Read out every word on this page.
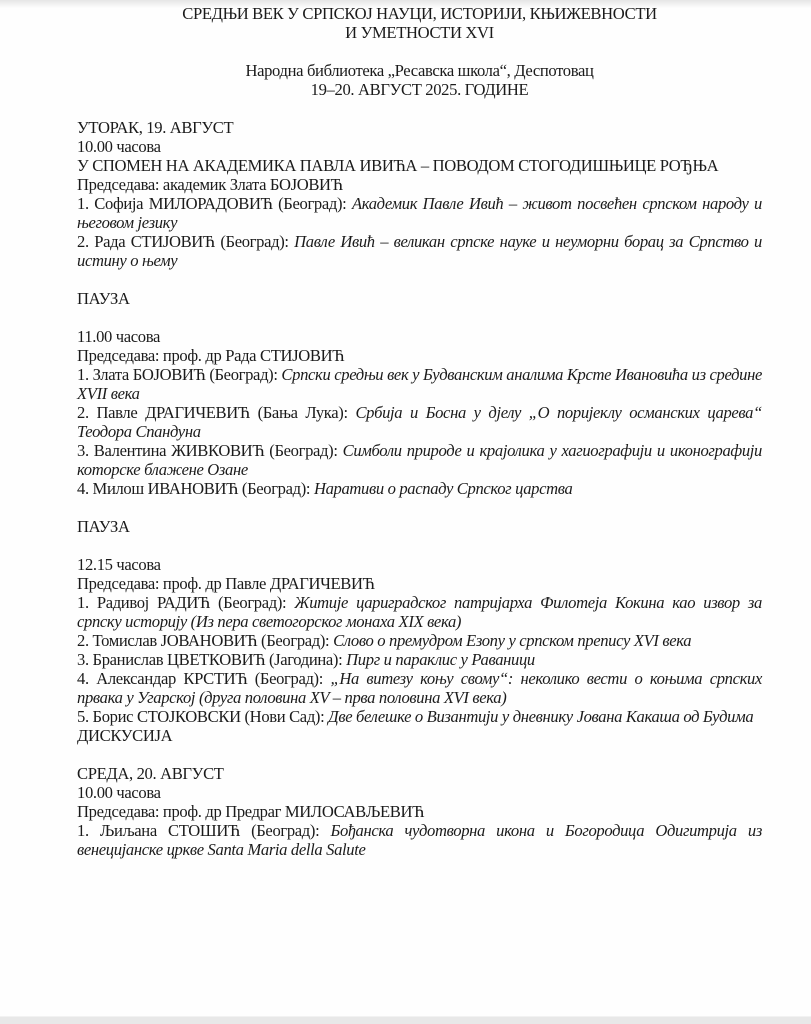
СРЕДЊИ ВЕК У СРПСКОЈ НАУЦИ, ИСТОРИЈИ, КЊИЖЕВНОСТИ
И УМЕТНОСТИ XVI
Народна библиотека „Ресавска школа“, Деспотовац
19–20. АВГУСТ 2025. ГОДИНЕ
УТОРАК, 19. АВГУСТ
10.00 часова
У СПОМЕН НА АКАДЕМИКА ПАВЛА ИВИЋА – ПОВОДОМ СТОГОДИШЊИЦЕ РОЂЊА
Председава: академик Злата БОЈОВИЋ
1. Софија МИЛОРАДОВИЋ (Београд): Академик Павле Ивић – живот посвећен српском народу и његовом језику
2. Рада СТИЈОВИЋ (Београд): Павле Ивић – великан српске науке и неуморни борац за Српство и истину о њему
ПАУЗА
11.00 часова
Председава: проф. др Рада СТИЈОВИЋ
1. Злата БОЈОВИЋ (Београд): Српски средњи век у Будванским аналима Крсте Ивановића из средине XVII века
2. Павле ДРАГИЧЕВИЋ (Бања Лука): Србија и Босна у дјелу „О поријеклу османских царева“ Теодора Спандуна
3. Валентина ЖИВКОВИЋ (Београд): Симболи природе и крајолика у хагиографији и иконографији которске блажене Озане
4. Милош ИВАНОВИЋ (Београд): Наративи о распаду Српског царства
ПАУЗА
12.15 часова
Председава: проф. др Павле ДРАГИЧЕВИЋ
1. Радивој РАДИЋ (Београд): Житије цариградског патријарха Филотеја Кокина као извор за српску историју (Из пера светогорског монаха XIX века)
2. Томислав ЈОВАНОВИЋ (Београд): Слово о премудром Езопу у српском препису XVI века
3. Бранислав ЦВЕТКОВИЋ (Јагодина): Пирг и параклис у Раваници
4. Александар КРСТИЋ (Београд): „На витезу коњу свому“: неколико вести о коњима српских првака у Угарској (друга половина XV – прва половина XVI века)
5. Борис СТОЈКОВСКИ (Нови Сад): Две белешке о Византији у дневнику Јована Какаша од Будима
ДИСКУСИЈА
СРЕДА, 20. АВГУСТ
10.00 часова
Председава: проф. др Предраг МИЛОСАВЉЕВИЋ
1. Љиљана СТОШИЋ (Београд): Бођанска чудотворна икона и Богородица Одигитрија из венецијанске цркве Santa Maria della Salute
